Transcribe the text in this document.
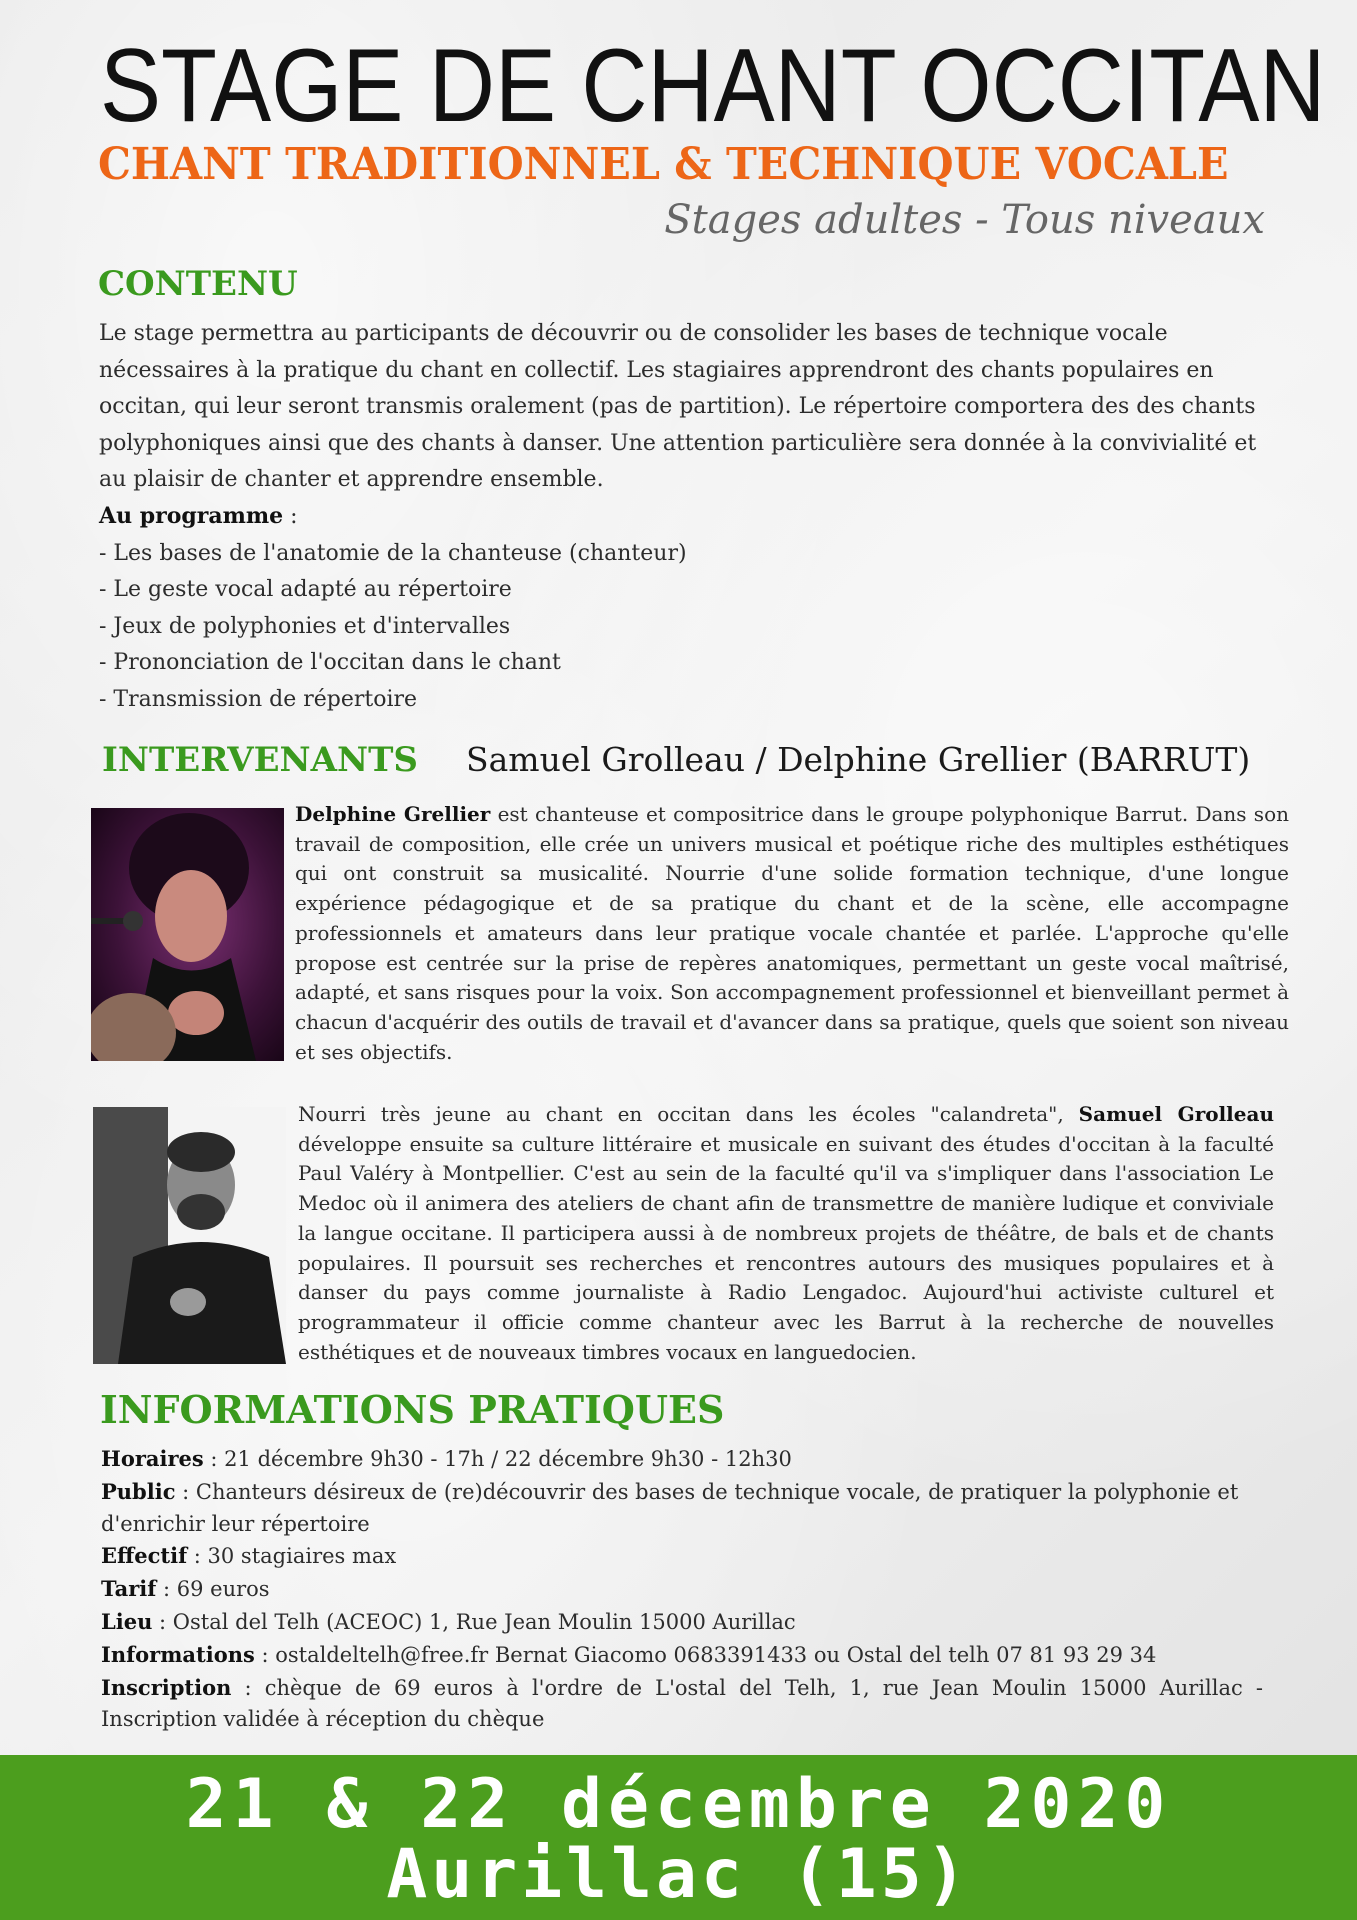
STAGE DE CHANT OCCITAN
CHANT TRADITIONNEL & TECHNIQUE VOCALE
Stages adultes - Tous niveaux
CONTENU
Le stage permettra au participants de découvrir ou de consolider les bases de technique vocale nécessaires à la pratique du chant en collectif. Les stagiaires apprendront des chants populaires en occitan, qui leur seront transmis oralement (pas de partition). Le répertoire comportera des des chants polyphoniques ainsi que des chants à danser. Une attention particulière sera donnée à la convivialité et au plaisir de chanter et apprendre ensemble.
Au programme :
- Les bases de l'anatomie de la chanteuse (chanteur)
- Le geste vocal adapté au répertoire
- Jeux de polyphonies et d'intervalles
- Prononciation de l'occitan dans le chant
- Transmission de répertoire
INTERVENANTS Samuel Grolleau / Delphine Grellier (BARRUT)
Delphine Grellier est chanteuse et compositrice dans le groupe polyphonique Barrut. Dans son travail de composition, elle crée un univers musical et poétique riche des multiples esthétiques qui ont construit sa musicalité. Nourrie d'une solide formation technique, d'une longue expérience pédagogique et de sa pratique du chant et de la scène, elle accompagne professionnels et amateurs dans leur pratique vocale chantée et parlée. L'approche qu'elle propose est centrée sur la prise de repères anatomiques, permettant un geste vocal maîtrisé, adapté, et sans risques pour la voix. Son accompagnement professionnel et bienveillant permet à chacun d'acquérir des outils de travail et d'avancer dans sa pratique, quels que soient son niveau et ses objectifs.
Nourri très jeune au chant en occitan dans les écoles "calandreta", Samuel Grolleau développe ensuite sa culture littéraire et musicale en suivant des études d'occitan à la faculté Paul Valéry à Montpellier. C'est au sein de la faculté qu'il va s'impliquer dans l'association Le Medoc où il animera des ateliers de chant afin de transmettre de manière ludique et conviviale la langue occitane. Il participera aussi à de nombreux projets de théâtre, de bals et de chants populaires. Il poursuit ses recherches et rencontres autours des musiques populaires et à danser du pays comme journaliste à Radio Lengadoc. Aujourd'hui activiste culturel et programmateur il officie comme chanteur avec les Barrut à la recherche de nouvelles esthétiques et de nouveaux timbres vocaux en languedocien.
INFORMATIONS PRATIQUES
Horaires : 21 décembre 9h30 - 17h / 22 décembre 9h30 - 12h30
Public : Chanteurs désireux de (re)découvrir des bases de technique vocale, de pratiquer la polyphonie et d'enrichir leur répertoire
Effectif : 30 stagiaires max
Tarif : 69 euros
Lieu : Ostal del Telh (ACEOC) 1, Rue Jean Moulin 15000 Aurillac
Informations : ostaldeltelh@free.fr Bernat Giacomo 0683391433 ou Ostal del telh 07 81 93 29 34
Inscription : chèque de 69 euros à l'ordre de L'ostal del Telh, 1, rue Jean Moulin 15000 Aurillac - Inscription validée à réception du chèque
21 & 22 décembre 2020
Aurillac (15)
